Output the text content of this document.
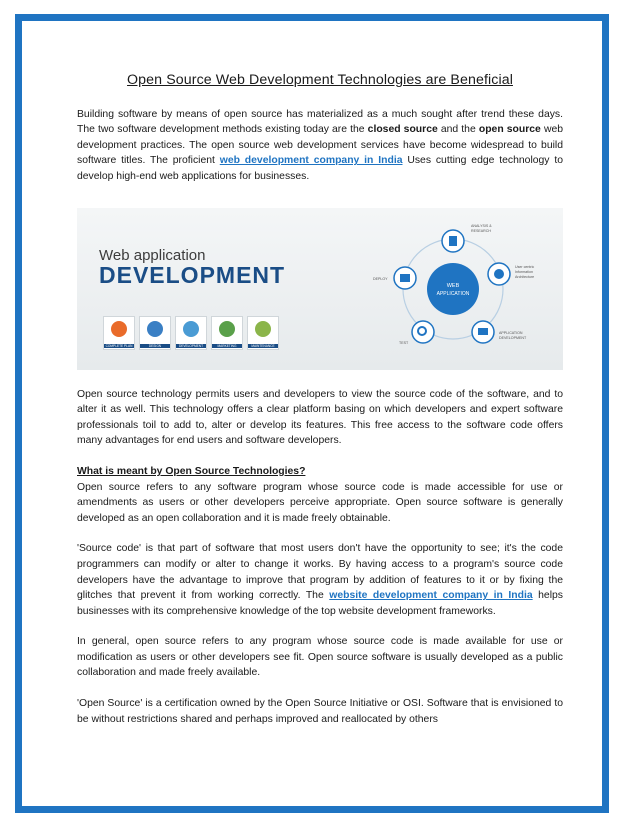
Open Source Web Development Technologies are Beneficial

Building software by means of open source has materialized as a much sought after trend these days. The two software development methods existing today are the closed source and the open source web development practices. The open source web development services have become widespread to build software titles. The proficient web development company in India Uses cutting edge technology to develop high-end web applications for businesses.

Web application
DEVELOPMENT
COMPLETE PLAN	DESIGN	DEVELOPMENT	MARKETING	MAINTENANCE
WEB
APPLICATION
ANALYSIS &
RESEARCH
User centric
Information
Architecture
APPLICATION
DEVELOPMENT
TEST
DEPLOY

Open source technology permits users and developers to view the source code of the software, and to alter it as well. This technology offers a clear platform basing on which developers and expert software professionals toil to add to, alter or develop its features. This free access to the software code offers many advantages for end users and software developers.

What is meant by Open Source Technologies?

Open source refers to any software program whose source code is made accessible for use or amendments as users or other developers perceive appropriate. Open source software is generally developed as an open collaboration and it is made freely obtainable.

'Source code' is that part of software that most users don't have the opportunity to see; it's the code programmers can modify or alter to change it works. By having access to a program's source code developers have the advantage to improve that program by addition of features to it or by fixing the glitches that prevent it from working correctly. The website development company in India helps businesses with its comprehensive knowledge of the top website development frameworks.

In general, open source refers to any program whose source code is made available for use or modification as users or other developers see fit. Open source software is usually developed as a public collaboration and made freely available.

'Open Source' is a certification owned by the Open Source Initiative or OSI. Software that is envisioned to be without restrictions shared and perhaps improved and reallocated by others
